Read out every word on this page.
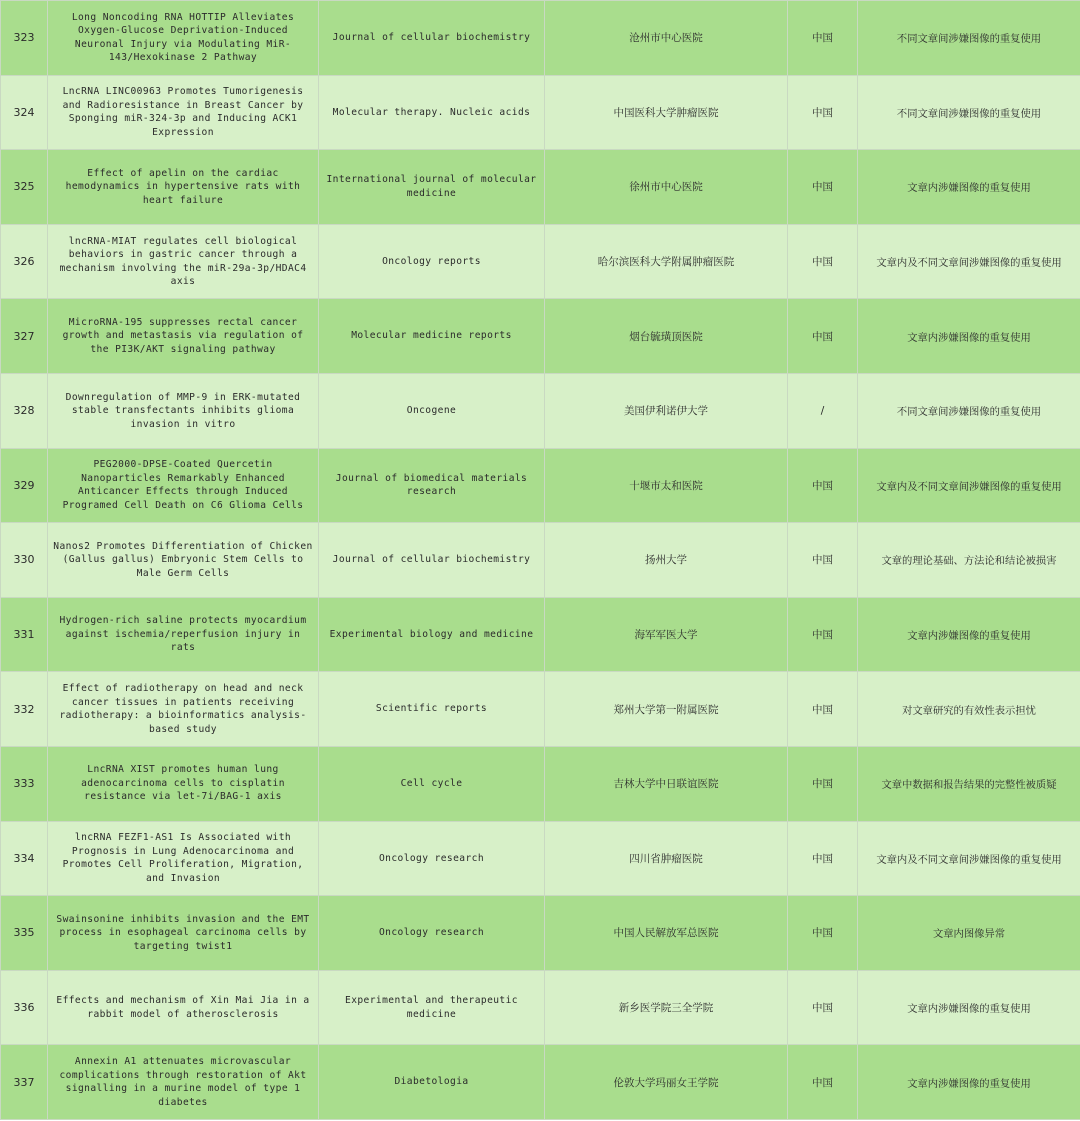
323	Long Noncoding RNA HOTTIP Alleviates Oxygen-Glucose Deprivation-Induced Neuronal Injury via Modulating MiR-143/Hexokinase 2 Pathway	Journal of cellular biochemistry	沧州市中心医院	中国	不同文章间涉嫌图像的重复使用
324	LncRNA LINC00963 Promotes Tumorigenesis and Radioresistance in Breast Cancer by Sponging miR-324-3p and Inducing ACK1 Expression	Molecular therapy. Nucleic acids	中国医科大学肿瘤医院	中国	不同文章间涉嫌图像的重复使用
325	Effect of apelin on the cardiac hemodynamics in hypertensive rats with heart failure	International journal of molecular medicine	徐州市中心医院	中国	文章内涉嫌图像的重复使用
326	lncRNA-MIAT regulates cell biological behaviors in gastric cancer through a mechanism involving the miR-29a-3p/HDAC4 axis	Oncology reports	哈尔滨医科大学附属肿瘤医院	中国	文章内及不同文章间涉嫌图像的重复使用
327	MicroRNA-195 suppresses rectal cancer growth and metastasis via regulation of the PI3K/AKT signaling pathway	Molecular medicine reports	烟台毓璜顶医院	中国	文章内涉嫌图像的重复使用
328	Downregulation of MMP-9 in ERK-mutated stable transfectants inhibits glioma invasion in vitro	Oncogene	美国伊利诺伊大学	/	不同文章间涉嫌图像的重复使用
329	PEG2000-DPSE-Coated Quercetin Nanoparticles Remarkably Enhanced Anticancer Effects through Induced Programed Cell Death on C6 Glioma Cells	Journal of biomedical materials research	十堰市太和医院	中国	文章内及不同文章间涉嫌图像的重复使用
330	Nanos2 Promotes Differentiation of Chicken (Gallus gallus) Embryonic Stem Cells to Male Germ Cells	Journal of cellular biochemistry	扬州大学	中国	文章的理论基础、方法论和结论被损害
331	Hydrogen-rich saline protects myocardium against ischemia/reperfusion injury in rats	Experimental biology and medicine	海军军医大学	中国	文章内涉嫌图像的重复使用
332	Effect of radiotherapy on head and neck cancer tissues in patients receiving radiotherapy: a bioinformatics analysis-based study	Scientific reports	郑州大学第一附属医院	中国	对文章研究的有效性表示担忧
333	LncRNA XIST promotes human lung adenocarcinoma cells to cisplatin resistance via let-7i/BAG-1 axis	Cell cycle	吉林大学中日联谊医院	中国	文章中数据和报告结果的完整性被质疑
334	lncRNA FEZF1-AS1 Is Associated with Prognosis in Lung Adenocarcinoma and Promotes Cell Proliferation, Migration, and Invasion	Oncology research	四川省肿瘤医院	中国	文章内及不同文章间涉嫌图像的重复使用
335	Swainsonine inhibits invasion and the EMT process in esophageal carcinoma cells by targeting twist1	Oncology research	中国人民解放军总医院	中国	文章内图像异常
336	Effects and mechanism of Xin Mai Jia in a rabbit model of atherosclerosis	Experimental and therapeutic medicine	新乡医学院三全学院	中国	文章内涉嫌图像的重复使用
337	Annexin A1 attenuates microvascular complications through restoration of Akt signalling in a murine model of type 1 diabetes	Diabetologia	伦敦大学玛丽女王学院	中国	文章内涉嫌图像的重复使用
